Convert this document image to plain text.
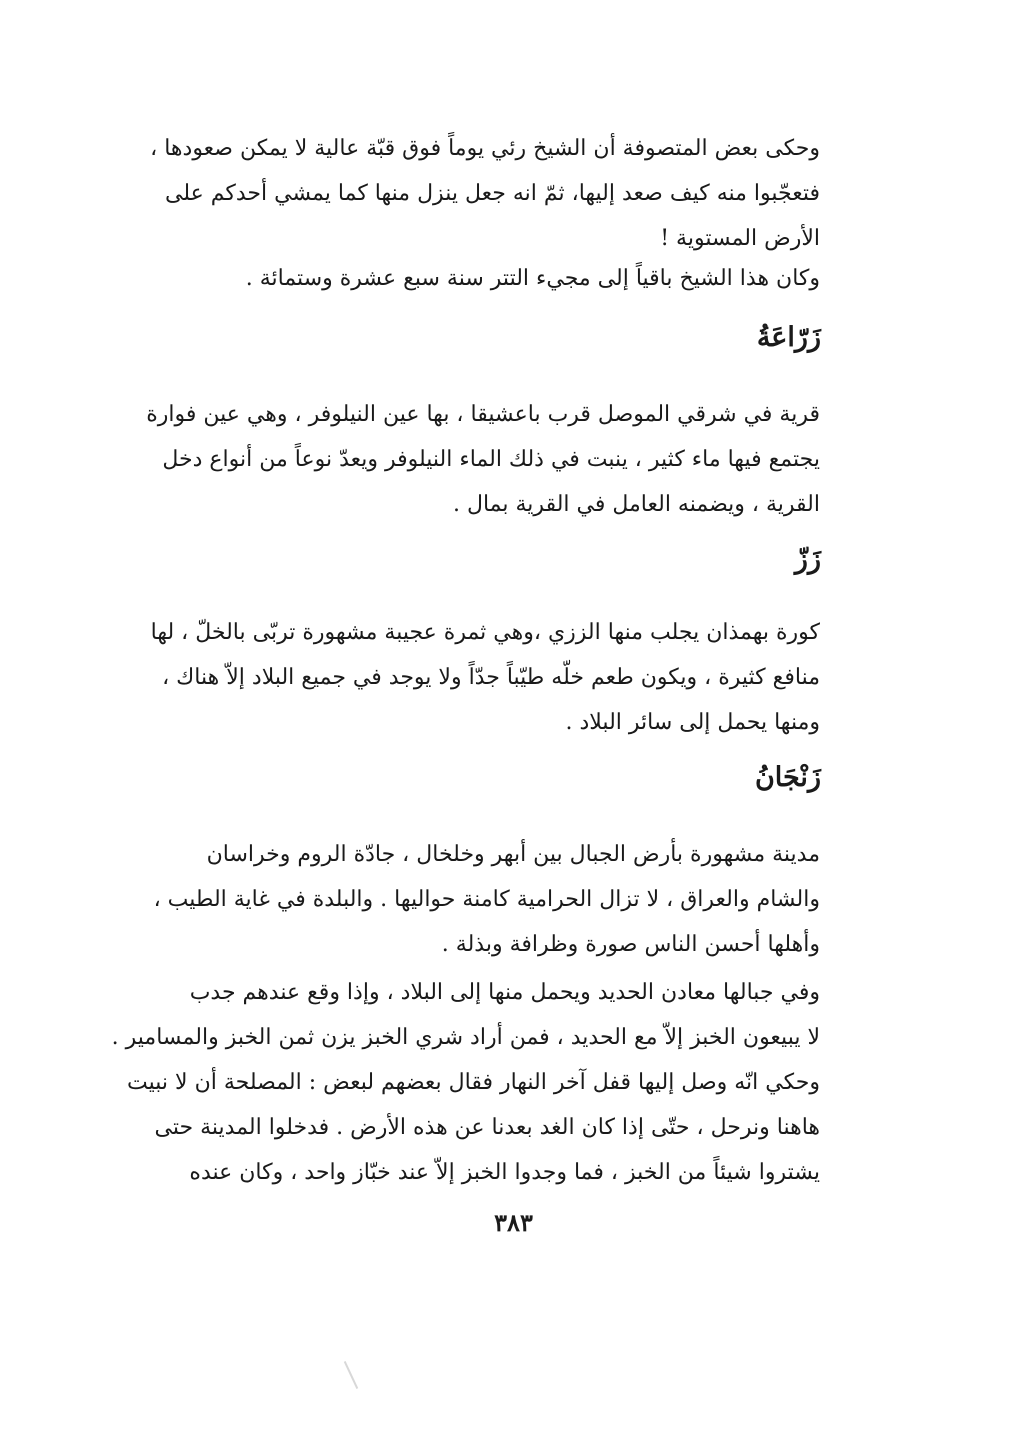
وحكى بعض المتصوفة أن الشيخ رئي يوماً فوق قبّة عالية لا يمكن صعودها ،
فتعجّبوا منه كيف صعد إليها، ثمّ انه جعل ينزل منها كما يمشي أحدكم على
الأرض المستوية !
وكان هذا الشيخ باقياً إلى مجيء التتر سنة سبع عشرة وستمائة .
زَرّاعَةُ
قرية في شرقي الموصل قرب باعشيقا ، بها عين النيلوفر ، وهي عين فوارة
يجتمع فيها ماء كثير ، ينبت في ذلك الماء النيلوفر ويعدّ نوعاً من أنواع دخل
القرية ، ويضمنه العامل في القرية بمال .
زَزّ
كورة بهمذان يجلب منها الززي ،وهي ثمرة عجيبة مشهورة تربّى بالخلّ ، لها
منافع كثيرة ، ويكون طعم خلّه طيّباً جدّاً ولا يوجد في جميع البلاد إلاّ هناك ،
ومنها يحمل إلى سائر البلاد .
زَنْجَانُ
مدينة مشهورة بأرض الجبال بين أبهر وخلخال ، جادّة الروم وخراسان
والشام والعراق ، لا تزال الحرامية كامنة حواليها . والبلدة في غاية الطيب ،
وأهلها أحسن الناس صورة وظرافة وبذلة .
وفي جبالها معادن الحديد ويحمل منها إلى البلاد ، وإذا وقع عندهم جدب
لا يبيعون الخبز إلاّ مع الحديد ، فمن أراد شري الخبز يزن ثمن الخبز والمسامير .
وحكي انّه وصل إليها قفل آخر النهار فقال بعضهم لبعض : المصلحة أن لا نبيت
هاهنا ونرحل ، حتّى إذا كان الغد بعدنا عن هذه الأرض . فدخلوا المدينة حتى
يشتروا شيئاً من الخبز ، فما وجدوا الخبز إلاّ عند خبّاز واحد ، وكان عنده
٣٨٣
